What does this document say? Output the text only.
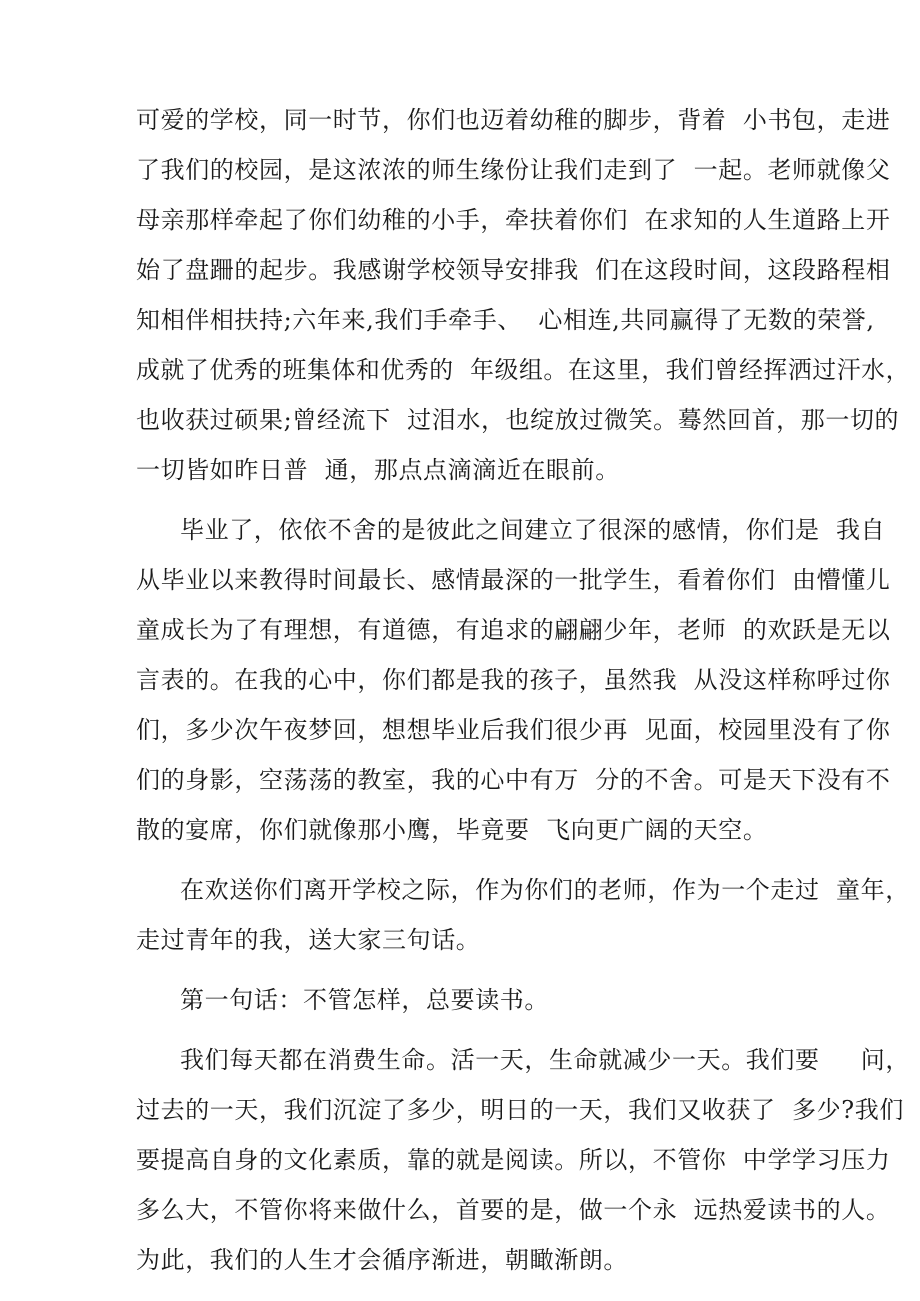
可爱的学校，同一时节，你们也迈着幼稚的脚步，背着  小书包，走进
了我们的校园，是这浓浓的师生缘份让我们走到了  一起。老师就像父
母亲那样牵起了你们幼稚的小手，牵扶着你们  在求知的人生道路上开
始了盘跚的起步。我感谢学校领导安排我  们在这段时间，这段路程相
知相伴相扶持;六年来,我们手牵手、  心相连,共同赢得了无数的荣誉,
成就了优秀的班集体和优秀的  年级组。在这里，我们曾经挥洒过汗水，
也收获过硕果;曾经流下  过泪水，也绽放过微笑。蓦然回首，那一切的
一切皆如昨日普  通，那点点滴滴近在眼前。
毕业了，依依不舍的是彼此之间建立了很深的感情，你们是  我自
从毕业以来教得时间最长、感情最深的一批学生，看着你们  由懵懂儿
童成长为了有理想，有道德，有追求的翩翩少年，老师  的欢跃是无以
言表的。在我的心中，你们都是我的孩子，虽然我  从没这样称呼过你
们，多少次午夜梦回，想想毕业后我们很少再  见面，校园里没有了你
们的身影，空荡荡的教室，我的心中有万  分的不舍。可是天下没有不
散的宴席，你们就像那小鹰，毕竟要  飞向更广阔的天空。
在欢送你们离开学校之际，作为你们的老师，作为一个走过  童年，
走过青年的我，送大家三句话。
第一句话：不管怎样，总要读书。
我们每天都在消费生命。活一天，生命就减少一天。我们要     问，
过去的一天，我们沉淀了多少，明日的一天，我们又收获了  多少?我们
要提高自身的文化素质，靠的就是阅读。所以，不管你  中学学习压力
多么大，不管你将来做什么，首要的是，做一个永  远热爱读书的人。
为此，我们的人生才会循序渐进，朝瞰渐朗。
